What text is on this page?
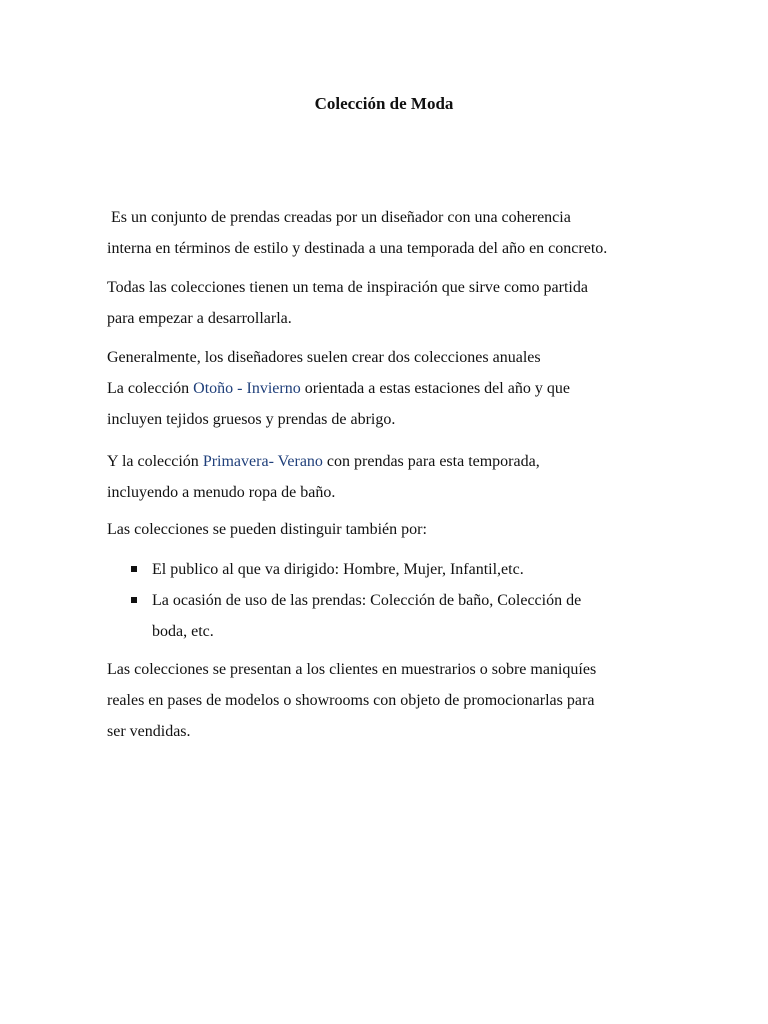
Colección de Moda

Es un conjunto de prendas creadas por un diseñador con una coherencia
interna en términos de estilo y destinada a una temporada del año en concreto.

Todas las colecciones tienen un tema de inspiración que sirve como partida
para empezar a desarrollarla.

Generalmente, los diseñadores suelen crear dos colecciones anuales
La colección Otoño - Invierno orientada a estas estaciones del año y que
incluyen tejidos gruesos y prendas de abrigo.

Y la colección Primavera- Verano con prendas para esta temporada,
incluyendo a menudo ropa de baño.

Las colecciones se pueden distinguir también por:

El publico al que va dirigido: Hombre, Mujer, Infantil,etc.
La ocasión de uso de las prendas: Colección de baño, Colección de
boda, etc.

Las colecciones se presentan a los clientes en muestrarios o sobre maniquíes
reales en pases de modelos o showrooms con objeto de promocionarlas para
ser vendidas.
